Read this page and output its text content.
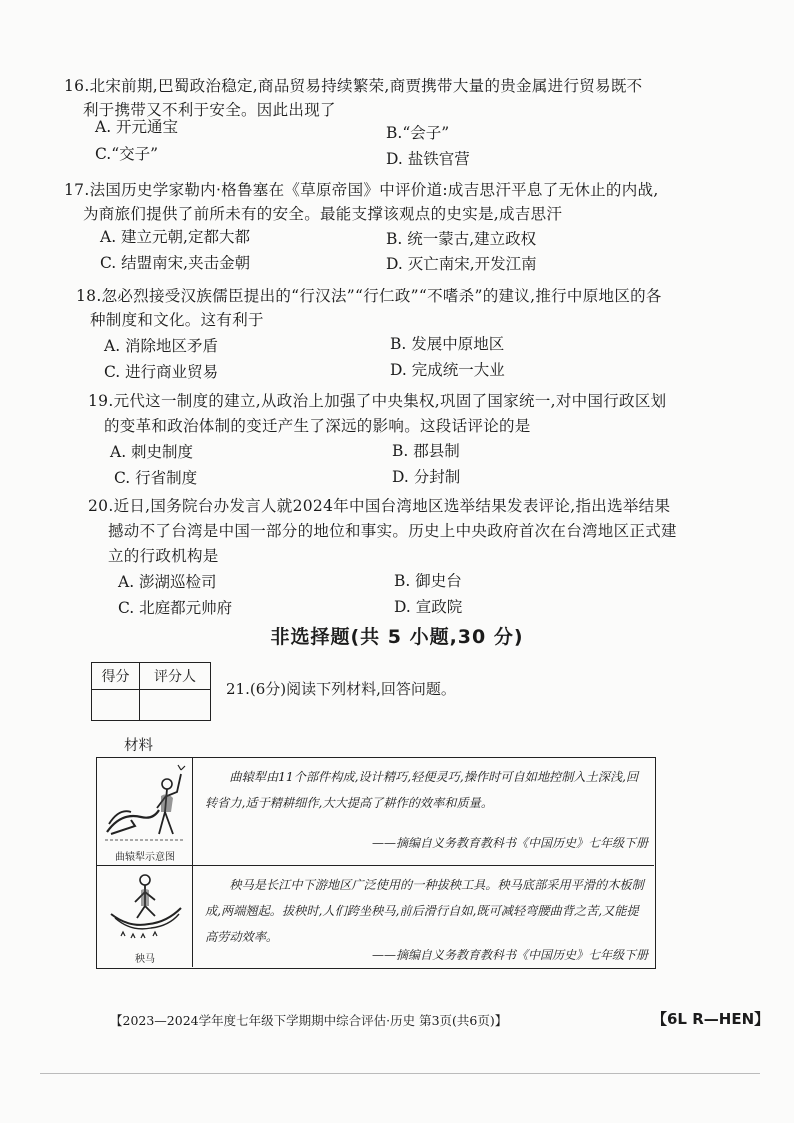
16.北宋前期,巴蜀政治稳定,商品贸易持续繁荣,商贾携带大量的贵金属进行贸易既不
利于携带又不利于安全。因此出现了
A. 开元通宝	B.“会子”
C.“交子”	D. 盐铁官营
17.法国历史学家勒内·格鲁塞在《草原帝国》中评价道:成吉思汗平息了无休止的内战,
为商旅们提供了前所未有的安全。最能支撑该观点的史实是,成吉思汗
A. 建立元朝,定都大都	B. 统一蒙古,建立政权
C. 结盟南宋,夹击金朝	D. 灭亡南宋,开发江南
18.忽必烈接受汉族儒臣提出的“行汉法”“行仁政”“不嗜杀”的建议,推行中原地区的各
种制度和文化。这有利于
A. 消除地区矛盾	B. 发展中原地区
C. 进行商业贸易	D. 完成统一大业
19.元代这一制度的建立,从政治上加强了中央集权,巩固了国家统一,对中国行政区划
的变革和政治体制的变迁产生了深远的影响。这段话评论的是
A. 刺史制度	B. 郡县制
C. 行省制度	D. 分封制
20.近日,国务院台办发言人就2024年中国台湾地区选举结果发表评论,指出选举结果
撼动不了台湾是中国一部分的地位和事实。历史上中央政府首次在台湾地区正式建
立的行政机构是
A. 澎湖巡检司	B. 御史台
C. 北庭都元帅府	D. 宣政院
非选择题(共 5 小题,30 分)
得分	评分人

21.(6分)阅读下列材料,回答问题。
材料
曲辕犁示意图
曲辕犁由11个部件构成,设计精巧,轻便灵巧,操作时可自如地控制入土深浅,回转省力,适于精耕细作,大大提高了耕作的效率和质量。
——摘编自义务教育教科书《中国历史》七年级下册
秧马
秧马是长江中下游地区广泛使用的一种拔秧工具。秧马底部采用平滑的木板制成,两端翘起。拔秧时,人们跨坐秧马,前后滑行自如,既可减轻弯腰曲背之苦,又能提高劳动效率。
——摘编自义务教育教科书《中国历史》七年级下册
【2023—2024学年度七年级下学期期中综合评估·历史 第3页(共6页)】	【6L R—HEN】
